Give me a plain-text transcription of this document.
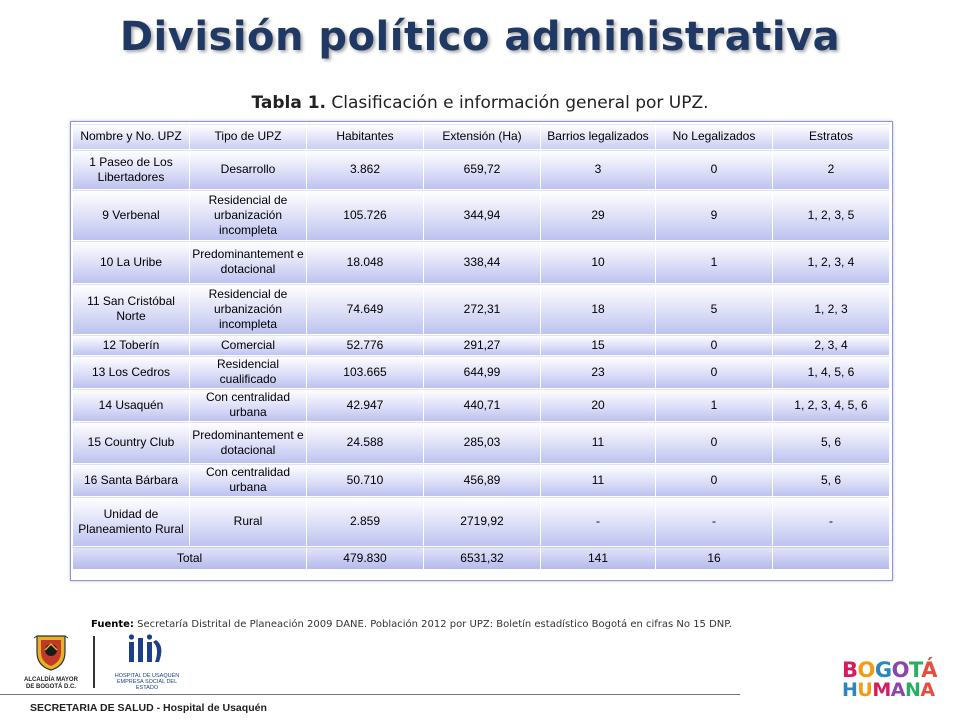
División político administrativa
Tabla 1. Clasificación e información general por UPZ.
Nombre y No. UPZ	Tipo de UPZ	Habitantes	Extensión (Ha)	Barrios legalizados	No Legalizados	Estratos
1 Paseo de Los Libertadores	Desarrollo	3.862	659,72	3	0	2
9 Verbenal	Residencial de urbanización incompleta	105.726	344,94	29	9	1, 2, 3, 5
10 La Uribe	Predominantement e dotacional	18.048	338,44	10	1	1, 2, 3, 4
11 San Cristóbal Norte	Residencial de urbanización incompleta	74.649	272,31	18	5	1, 2, 3
12 Toberín	Comercial	52.776	291,27	15	0	2, 3, 4
13 Los Cedros	Residencial cualificado	103.665	644,99	23	0	1, 4, 5, 6
14 Usaquén	Con centralidad urbana	42.947	440,71	20	1	1, 2, 3, 4, 5, 6
15 Country Club	Predominantement e dotacional	24.588	285,03	11	0	5, 6
16 Santa Bárbara	Con centralidad urbana	50.710	456,89	11	0	5, 6
Unidad de Planeamiento Rural	Rural	2.859	2719,92	-	-	-
Total		479.830	6531,32	141	16	
Fuente: Secretaría Distrital de Planeación 2009 DANE. Población 2012 por UPZ: Boletín estadístico Bogotá en cifras No 15 DNP.
ALCALDÍA MAYOR
DE BOGOTÁ D.C.
HOSPITAL DE USAQUÉN
EMPRESA SOCIAL DEL ESTADO
SECRETARIA DE SALUD - Hospital de Usaquén
BOGOTÁ
HUMANA
